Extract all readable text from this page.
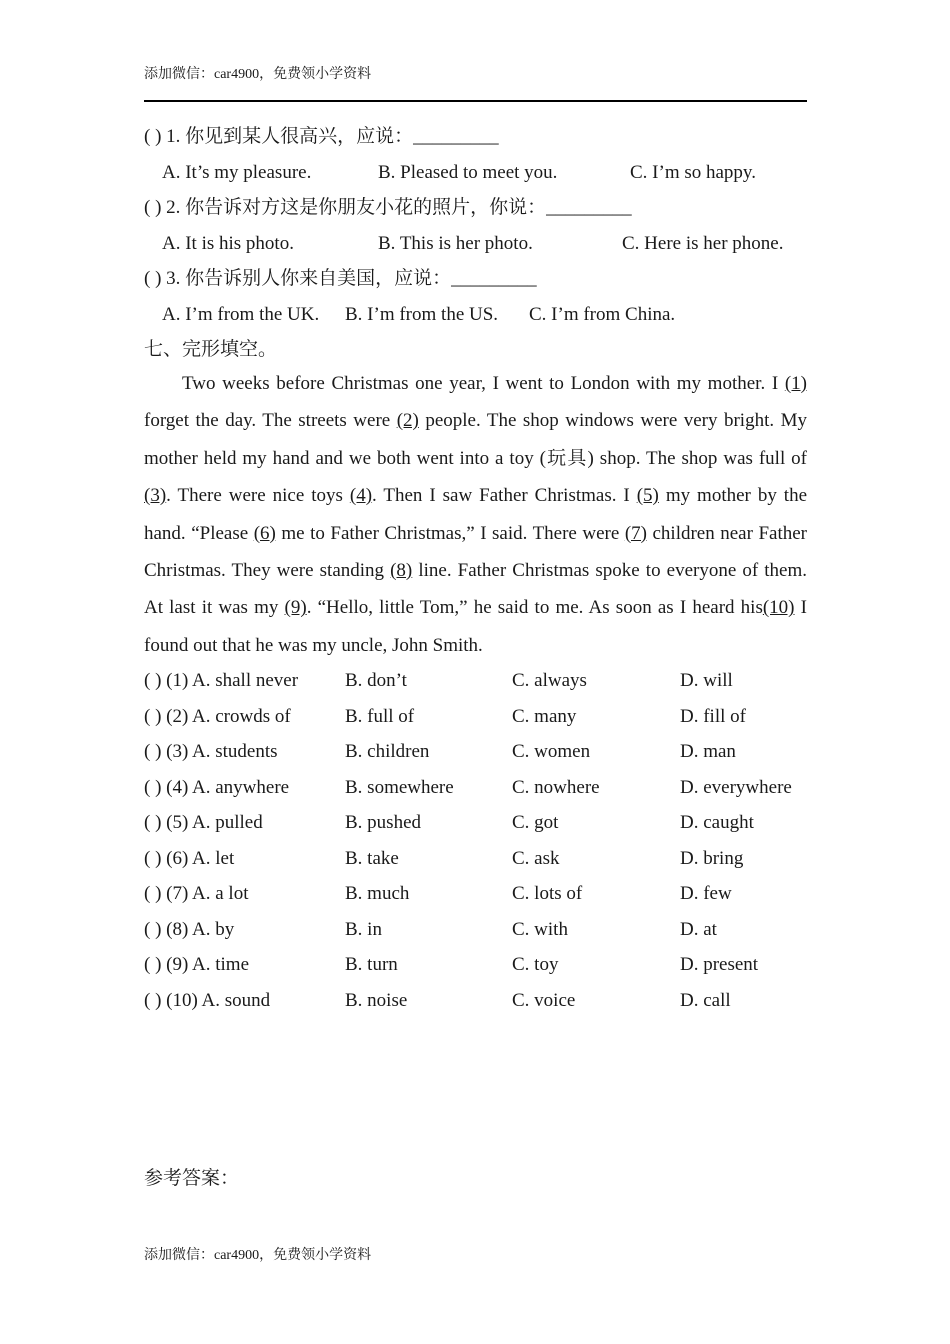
添加微信：car4900，免费领小学资料
( ) 1. 你见到某人很高兴，应说：_________
A. It’s my pleasure.	B. Pleased to meet you.	C. I’m so happy.
( ) 2. 你告诉对方这是你朋友小花的照片，你说：_________
A. It is his photo.	B. This is her photo.	C. Here is her phone.
( ) 3. 你告诉别人你来自美国，应说：_________
A. I’m from the UK. B. I’m from the US. C. I’m from China.
七、完形填空。
Two weeks before Christmas one year, I went to London with my mother. I (1) forget the day. The streets were (2) people. The shop windows were very bright. My mother held my hand and we both went into a toy (玩具) shop. The shop was full of (3). There were nice toys (4). Then I saw Father Christmas. I (5) my mother by the hand. “Please (6) me to Father Christmas,” I said. There were (7) children near Father Christmas. They were standing (8) line. Father Christmas spoke to everyone of them. At last it was my (9). “Hello, little Tom,” he said to me. As soon as I heard his(10) I found out that he was my uncle, John Smith.
( ) (1) A. shall never B. don’t	C. always	D. will
( ) (2) A. crowds of	B. full of	C. many	D. fill of
( ) (3) A. students	B. children	C. women	D. man
( ) (4) A. anywhere	B. somewhere	C. nowhere	D. everywhere
( ) (5) A. pulled	B. pushed	C. got	D. caught
( ) (6) A. let	B. take	C. ask	D. bring
( ) (7) A. a lot	B. much	C. lots of	D. few
( ) (8) A. by	B. in	C. with	D. at
( ) (9) A. time	B. turn	C. toy	D. present
( ) (10) A. sound	B. noise	C. voice	D. call
参考答案：
添加微信：car4900，免费领小学资料
